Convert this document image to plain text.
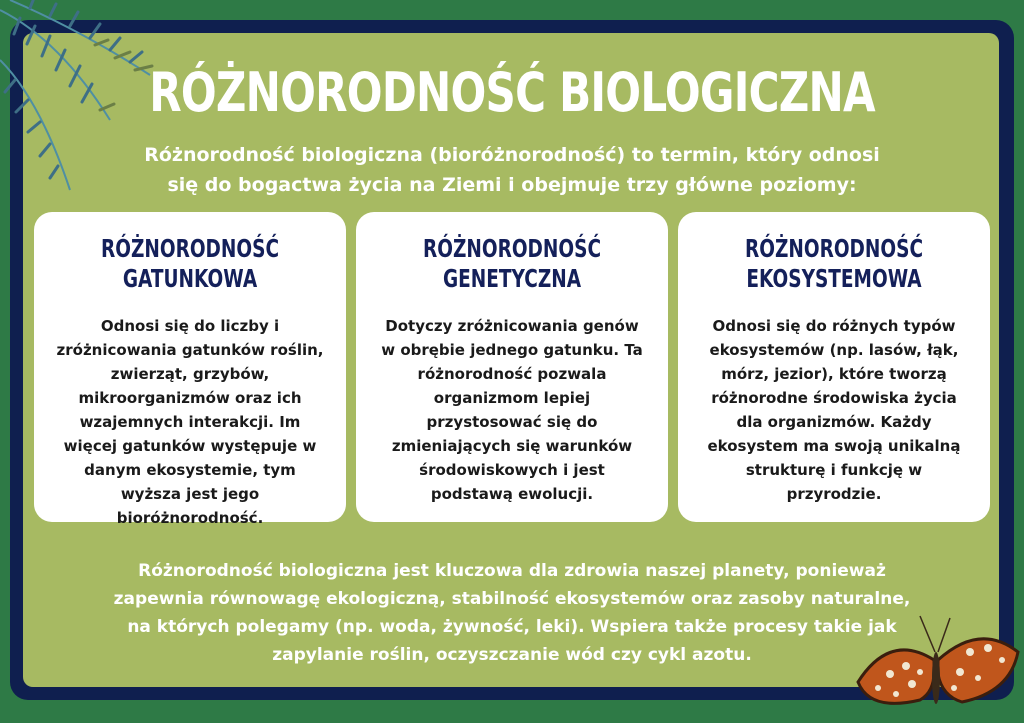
RÓŻNORODNOŚĆ BIOLOGICZNA

Różnorodność biologiczna (bioróżnorodność) to termin, który odnosi się do bogactwa życia na Ziemi i obejmuje trzy główne poziomy:

RÓŻNORODNOŚĆ
GATUNKOWA

Odnosi się do liczby i zróżnicowania gatunków roślin, zwierząt, grzybów, mikroorganizmów oraz ich wzajemnych interakcji. Im więcej gatunków występuje w danym ekosystemie, tym wyższa jest jego bioróżnorodność.

RÓŻNORODNOŚĆ
GENETYCZNA

Dotyczy zróżnicowania genów w obrębie jednego gatunku. Ta różnorodność pozwala organizmom lepiej przystosować się do zmieniających się warunków środowiskowych i jest podstawą ewolucji.

RÓŻNORODNOŚĆ
EKOSYSTEMOWA

Odnosi się do różnych typów ekosystemów (np. lasów, łąk, mórz, jezior), które tworzą różnorodne środowiska życia dla organizmów. Każdy ekosystem ma swoją unikalną strukturę i funkcję w przyrodzie.

Różnorodność biologiczna jest kluczowa dla zdrowia naszej planety, ponieważ zapewnia równowagę ekologiczną, stabilność ekosystemów oraz zasoby naturalne, na których polegamy (np. woda, żywność, leki). Wspiera także procesy takie jak zapylanie roślin, oczyszczanie wód czy cykl azotu.
